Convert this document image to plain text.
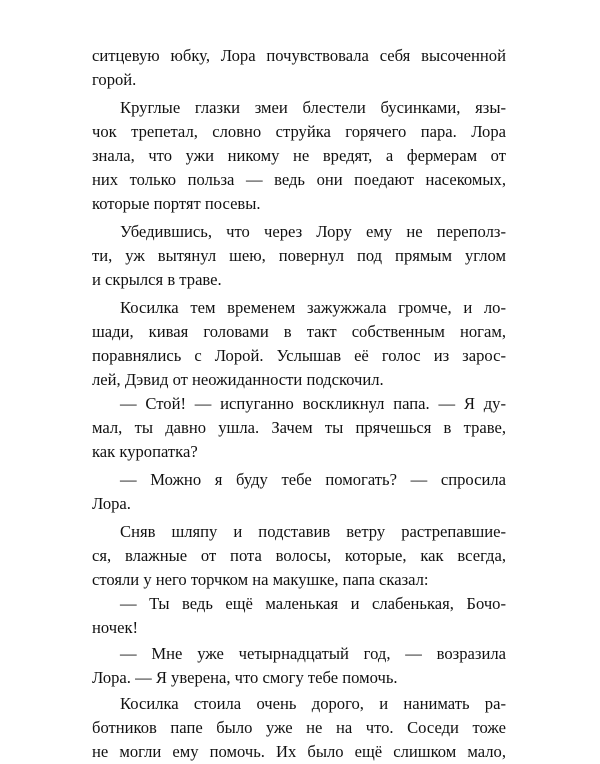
ситцевую юбку, Лора почувствовала себя высоченной
горой.
Круглые глазки змеи блестели бусинками, язы-
чок трепетал, словно струйка горячего пара. Лора
знала, что ужи никому не вредят, а фермерам от
них только польза — ведь они поедают насекомых,
которые портят посевы.
Убедившись, что через Лору ему не переполз-
ти, уж вытянул шею, повернул под прямым углом
и скрылся в траве.
Косилка тем временем зажужжала громче, и ло-
шади, кивая головами в такт собственным ногам,
поравнялись с Лорой. Услышав её голос из зарос-
лей, Дэвид от неожиданности подскочил.
— Стой! — испуганно воскликнул папа. — Я ду-
мал, ты давно ушла. Зачем ты прячешься в траве,
как куропатка?
— Можно я буду тебе помогать? — спросила
Лора.
Сняв шляпу и подставив ветру растрепавшие-
ся, влажные от пота волосы, которые, как всегда,
стояли у него торчком на макушке, папа сказал:
— Ты ведь ещё маленькая и слабенькая, Бочо-
ночек!
— Мне уже четырнадцатый год, — возразила
Лора. — Я уверена, что смогу тебе помочь.
Косилка стоила очень дорого, и нанимать ра-
ботников папе было уже не на что. Соседи тоже
не могли ему помочь. Их было ещё слишком мало,
